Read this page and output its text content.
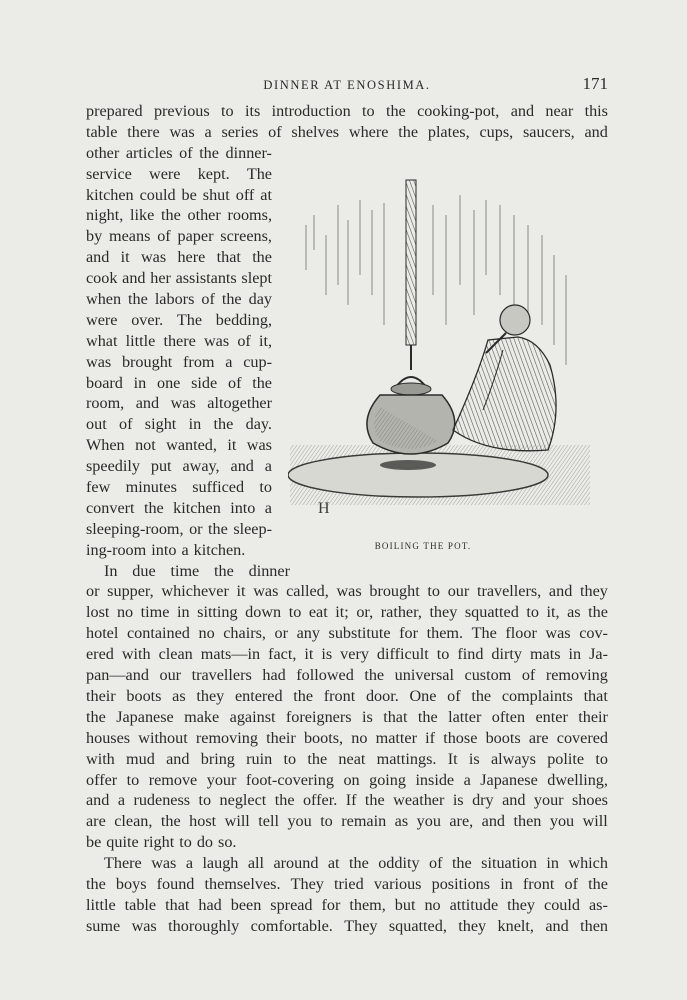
DINNER AT ENOSHIMA.	171
H
BOILING THE POT.
prepared previous to its introduction to the cooking-pot, and near this
table there was a series of shelves where the plates, cups, saucers, and
other articles of the dinner-
service were kept. The
kitchen could be shut off at
night, like the other rooms,
by means of paper screens,
and it was here that the
cook and her assistants slept
when the labors of the day
were over. The bedding,
what little there was of it,
was brought from a cup-
board in one side of the
room, and was altogether
out of sight in the day.
When not wanted, it was
speedily put away, and a
few minutes sufficed to
convert the kitchen into a
sleeping-room, or the sleep-
ing-room into a kitchen.
In due time the dinner
or supper, whichever it was called, was brought to our travellers, and they
lost no time in sitting down to eat it; or, rather, they squatted to it, as the
hotel contained no chairs, or any substitute for them. The floor was cov-
ered with clean mats—in fact, it is very difficult to find dirty mats in Ja-
pan—and our travellers had followed the universal custom of removing
their boots as they entered the front door. One of the complaints that
the Japanese make against foreigners is that the latter often enter their
houses without removing their boots, no matter if those boots are covered
with mud and bring ruin to the neat mattings. It is always polite to
offer to remove your foot-covering on going inside a Japanese dwelling,
and a rudeness to neglect the offer. If the weather is dry and your shoes
are clean, the host will tell you to remain as you are, and then you will
be quite right to do so.
There was a laugh all around at the oddity of the situation in which
the boys found themselves. They tried various positions in front of the
little table that had been spread for them, but no attitude they could as-
sume was thoroughly comfortable. They squatted, they knelt, and then
